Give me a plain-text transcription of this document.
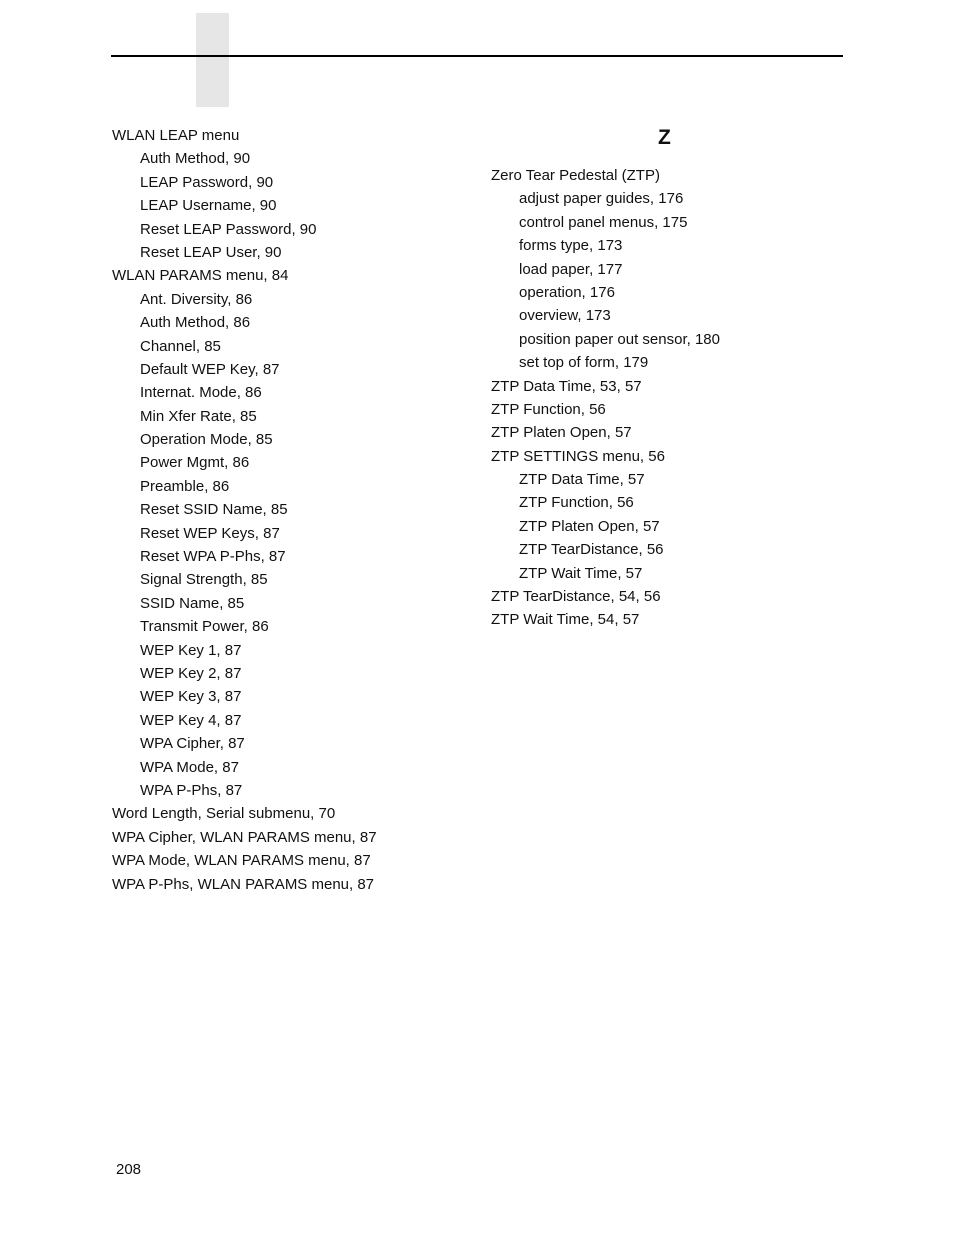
WLAN LEAP menu
Auth Method, 90
LEAP Password, 90
LEAP Username, 90
Reset LEAP Password, 90
Reset LEAP User, 90
WLAN PARAMS menu, 84
Ant. Diversity, 86
Auth Method, 86
Channel, 85
Default WEP Key, 87
Internat. Mode, 86
Min Xfer Rate, 85
Operation Mode, 85
Power Mgmt, 86
Preamble, 86
Reset SSID Name, 85
Reset WEP Keys, 87
Reset WPA P-Phs, 87
Signal Strength, 85
SSID Name, 85
Transmit Power, 86
WEP Key 1, 87
WEP Key 2, 87
WEP Key 3, 87
WEP Key 4, 87
WPA Cipher, 87
WPA Mode, 87
WPA P-Phs, 87
Word Length, Serial submenu, 70
WPA Cipher, WLAN PARAMS menu, 87
WPA Mode, WLAN PARAMS menu, 87
WPA P-Phs, WLAN PARAMS menu, 87
Z
Zero Tear Pedestal (ZTP)
adjust paper guides, 176
control panel menus, 175
forms type, 173
load paper, 177
operation, 176
overview, 173
position paper out sensor, 180
set top of form, 179
ZTP Data Time, 53, 57
ZTP Function, 56
ZTP Platen Open, 57
ZTP SETTINGS menu, 56
ZTP Data Time, 57
ZTP Function, 56
ZTP Platen Open, 57
ZTP TearDistance, 56
ZTP Wait Time, 57
ZTP TearDistance, 54, 56
ZTP Wait Time, 54, 57
208
